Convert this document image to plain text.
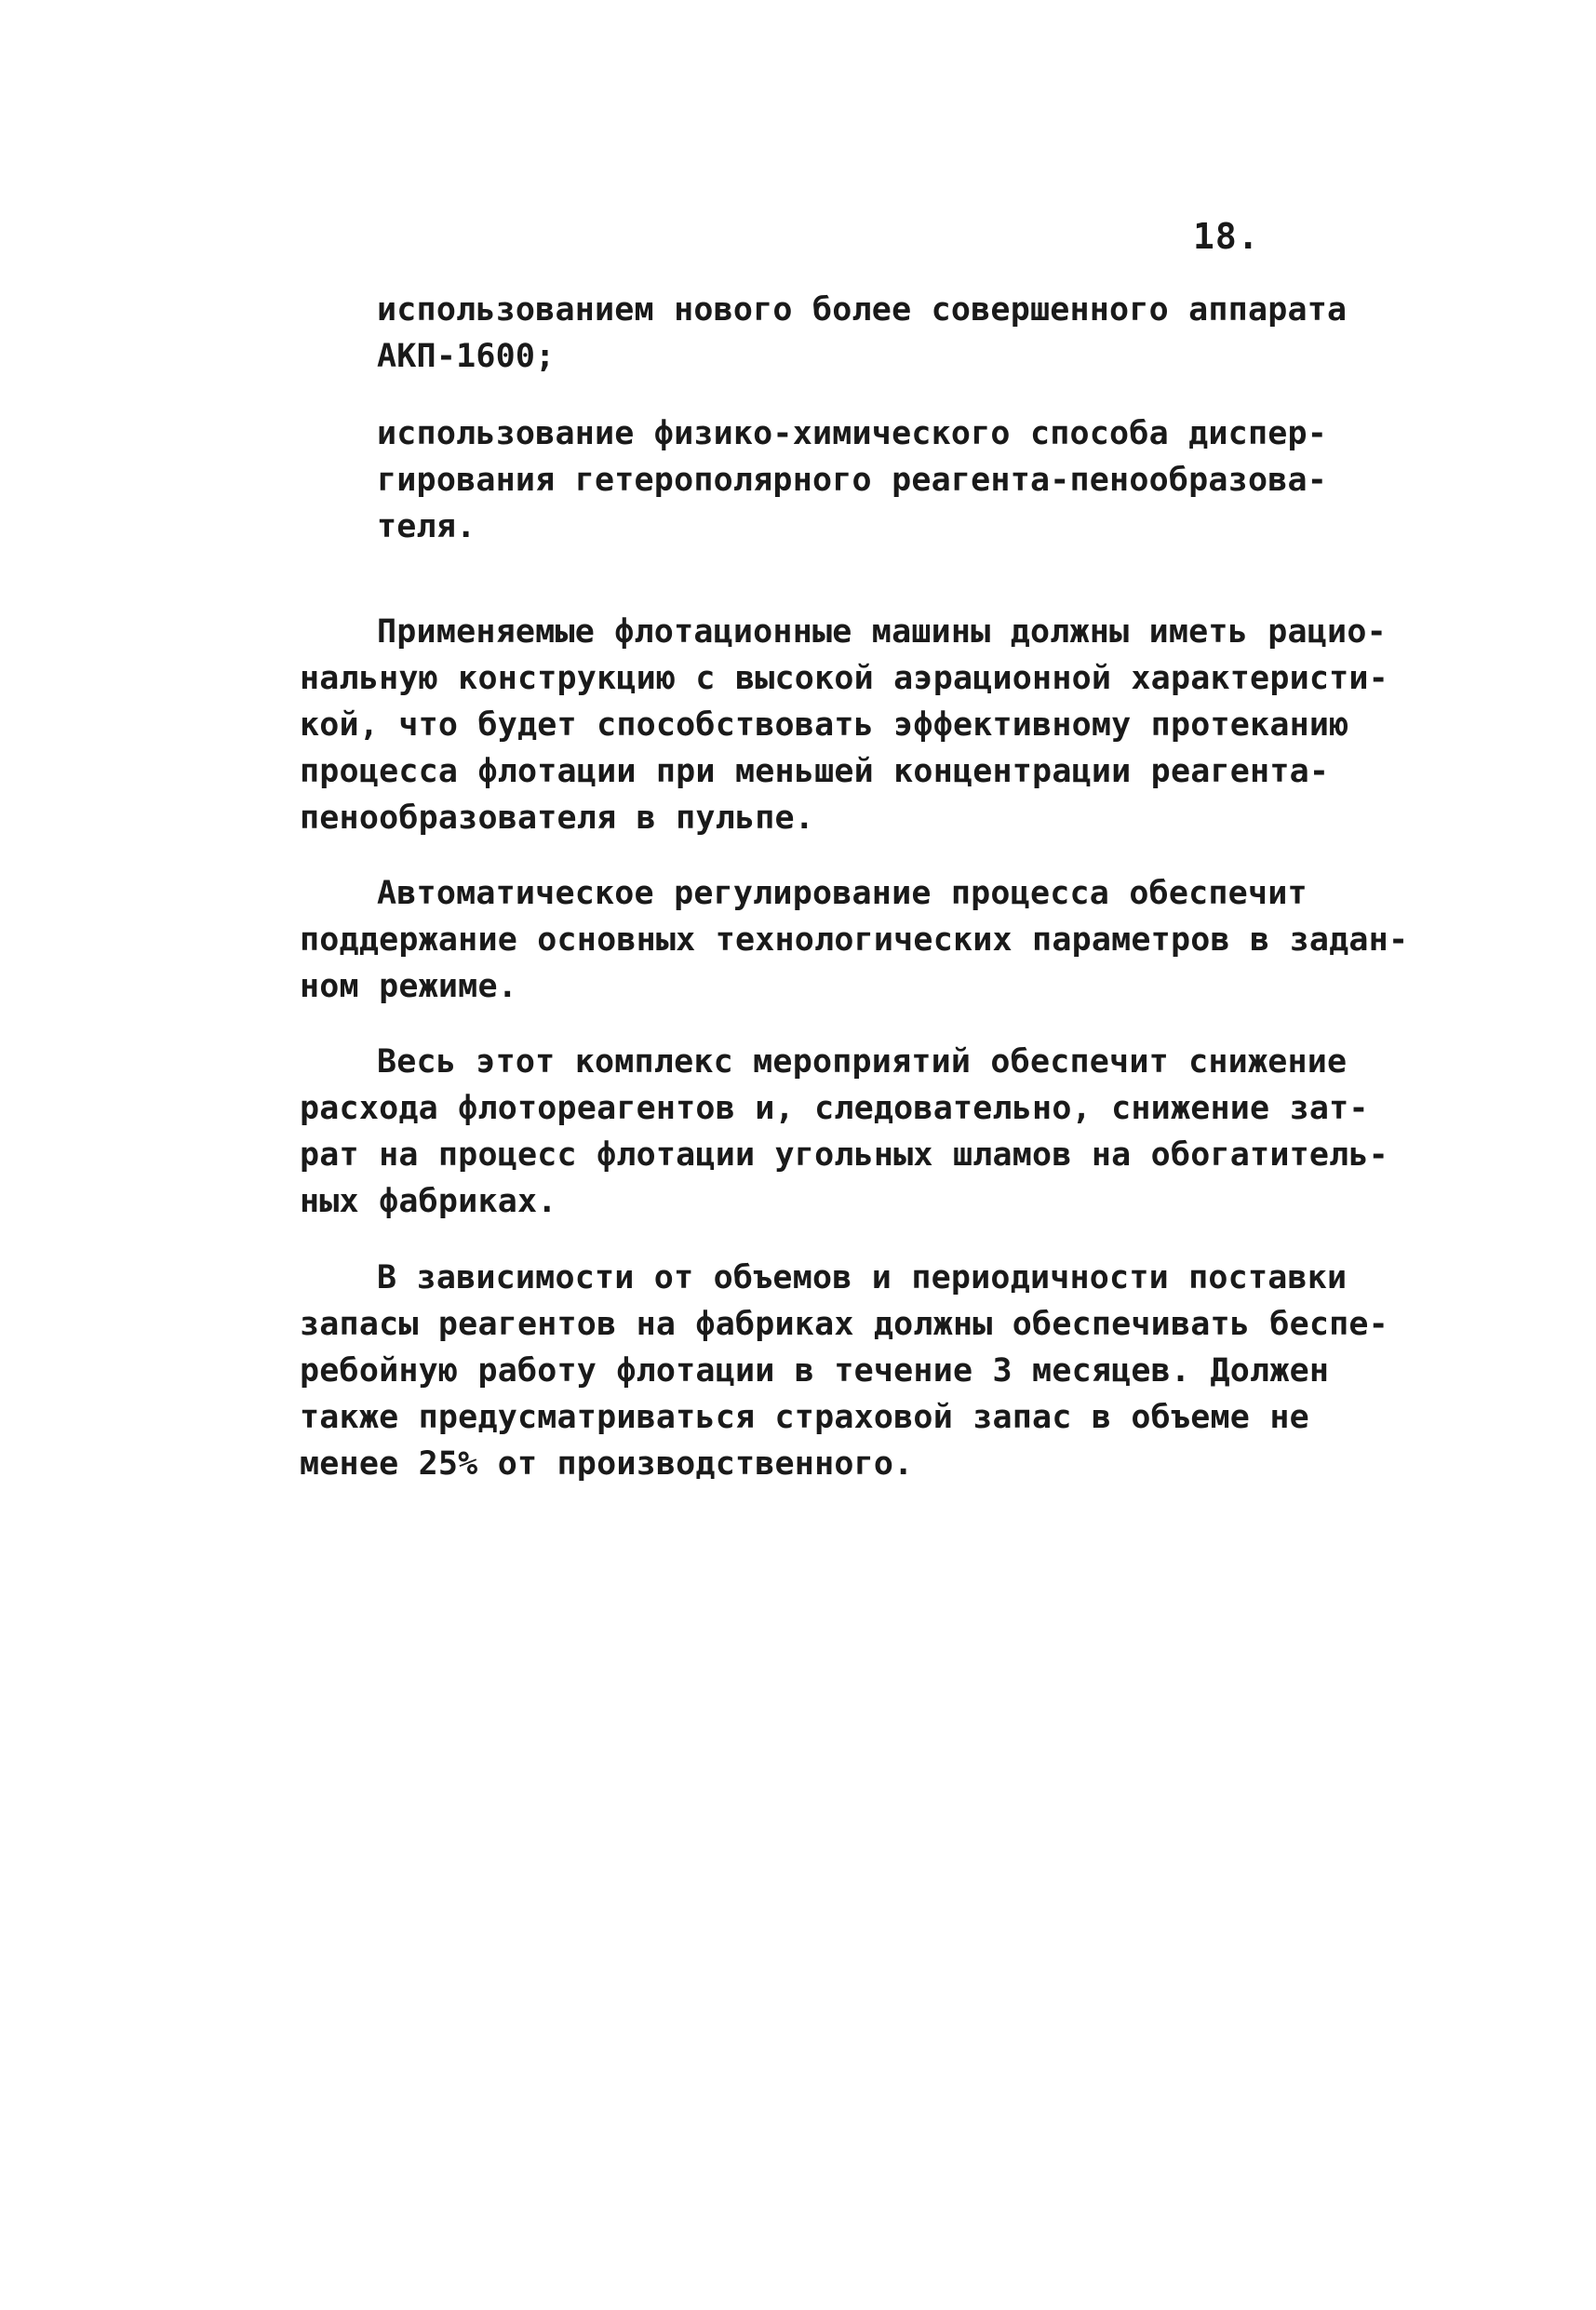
18.
использованием нового более совершенного аппарата
АКП-1600;
использование физико-химического способа диспер-
гирования гетерополярного реагента-пенообразова-
теля.
Применяемые флотационные машины должны иметь рацио-
нальную конструкцию с высокой аэрационной характеристи-
кой, что будет способствовать эффективному протеканию
процесса флотации при меньшей концентрации реагента-
пенообразователя в пульпе.
Автоматическое регулирование процесса обеспечит
поддержание основных технологических параметров в задан-
ном режиме.
Весь этот комплекс мероприятий обеспечит снижение
расхода флотореагентов и, следовательно, снижение зат-
рат на процесс флотации угольных шламов на обогатитель-
ных фабриках.
В зависимости от объемов и периодичности поставки
запасы реагентов на фабриках должны обеспечивать беспе-
ребойную работу флотации в течение 3 месяцев. Должен
также предусматриваться страховой запас в объеме не
менее 25% от производственного.
